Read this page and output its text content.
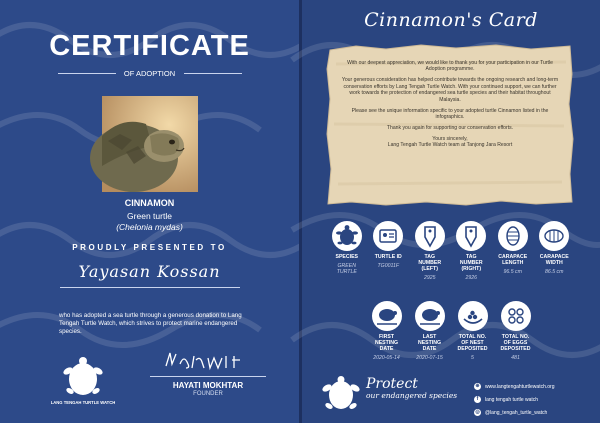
CERTIFICATE
OF ADOPTION
CINNAMON
Green turtle
(Chelonia mydas)
PROUDLY PRESENTED TO
Yayasan Kossan
who has adopted a sea turtle through a generous donation to Lang Tengah Turtle Watch, which strives to protect marine endangered species.
LANG TENGAH TURTLE WATCH
Hyp. Mkhtr
HAYATI MOKHTAR
FOUNDER
Cinnamon's Card

With our deepest appreciation, we would like to thank you for your participation in our Turtle Adoption programme.

Your generous consideration has helped contribute towards the ongoing research and long-term conservation efforts by Lang Tengah Turtle Watch. With your continued support, we can further work towards the protection of endangered sea turtle species and their habitat throughout Malaysia.

Please see the unique information specific to your adopted turtle Cinnamon listed in the infographics.

Thank you again for supporting our conservation efforts.

Yours sincerely,
Lang Tengah Turtle Watch team at Tanjong Jara Resort

SPECIES
GREEN
TURTLE
TURTLE ID
TG0011F
TAG
NUMBER
(LEFT)
2925
TAG
NUMBER
(RIGHT)
2926
CARAPACE
LENGTH
96.5 cm
CARAPACE
WIDTH
86.5 cm
FIRST
NESTING
DATE
2020-05-14
LAST
NESTING
DATE
2020-07-15
TOTAL NO.
OF NEST
DEPOSITED
5
TOTAL NO.
OF EGGS
DEPOSITED
481
Protect
our endangered species
⊕ www.langtengahturtlewatch.org
f	lang tengah turtle watch
◎ @lang_tengah_turtle_watch
